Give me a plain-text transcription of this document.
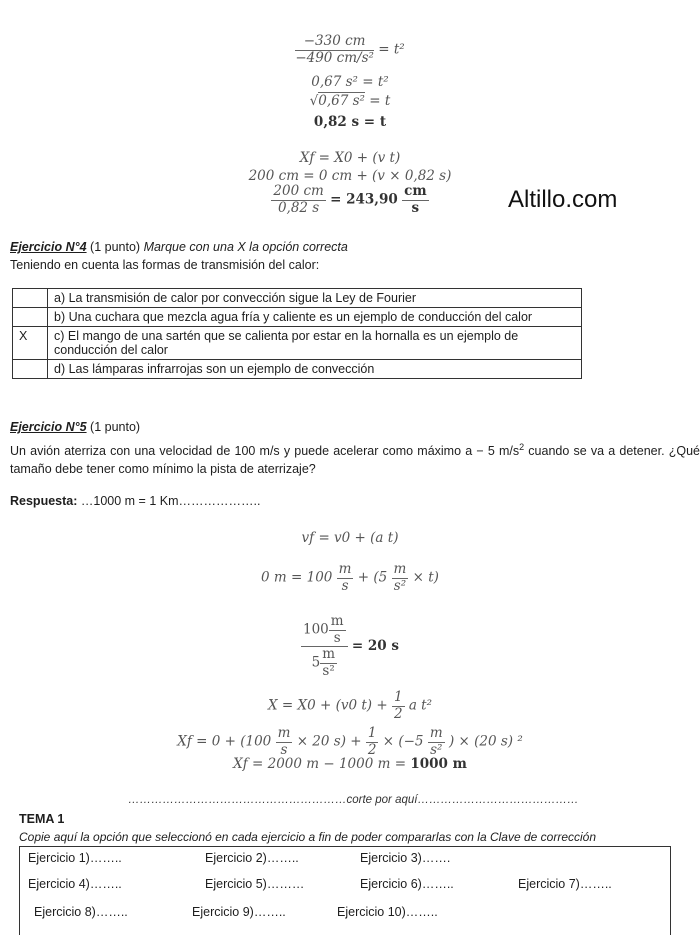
$\frac{-330 cm}{\text{−490 cm/s²}} = t^2$
0,67 s² = t²
√0,67 s² = t
0,82 s = t
Xf = X0 + (v t)
200 cm = 0 cm + (v × 0,82 s)
$\frac{200 cm}{0,82 s} = 243,90 \frac{cm}{s}$	Altillo.com
Ejercicio N°4 (1 punto) Marque con una X la opción correcta
Teniendo en cuenta las formas de transmisión del calor:
	a) La transmisión de calor por convección sigue la Ley de Fourier
	b) Una cuchara que mezcla agua fría y caliente es un ejemplo de conducción del calor
X	c) El mango de una sartén que se calienta por estar en la hornalla es un ejemplo de conducción del calor
	d) Las lámparas infrarrojas son un ejemplo de convección
Ejercicio N°5 (1 punto)
Un avión aterriza con una velocidad de 100 m/s y puede acelerar como máximo a − 5 $m/s^2$ cuando se va a detener. ¿Qué tamaño debe tener como mínimo la pista de aterrizaje?
Respuesta: …1000 m = 1 Km………………..
vf = v0 + (a t)
0 $m = 100 \frac{m}{s} + (5 \frac{m}{\text{s²}} \times t)$
$\frac{100 \frac{m}{s}}{5 \frac{m}{\text{s²}}} = 20$ s
X = X0 + (v0 $t) + \frac{1}{2}$ a t²
$Xf = 0 + (100 \frac{m}{s} \times 20$ $s) + \frac{1}{2} \times (-5 \frac{m}{\text{s²}}$ ) × (20 s) ²
Xf = 2000 m − 1000 m = 1000 m
…………………………………………………corte por aquí……………………………………
TEMA 1
Copie aquí la opción que seleccionó en cada ejercicio a fin de poder compararlas con la Clave de corrección
Ejercicio 1)……..	Ejercicio 2)……..	Ejercicio 3)…….
Ejercicio 4)……..	Ejercicio 5)………	Ejercicio 6)……..	Ejercicio 7)……..
Ejercicio 8)……..	Ejercicio 9)……..	Ejercicio 10)……..
